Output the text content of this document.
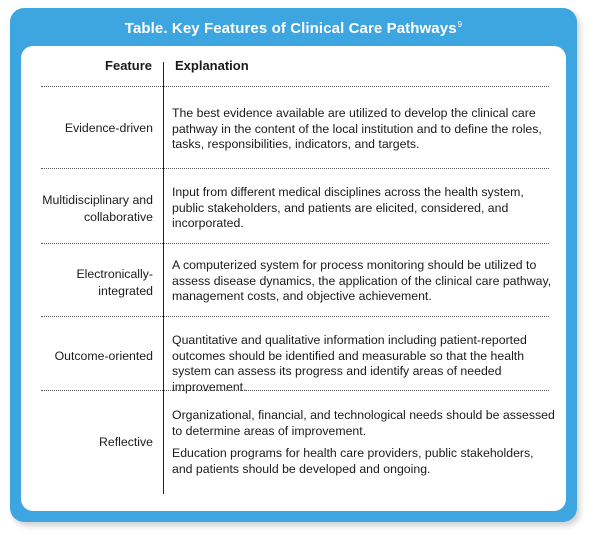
Table. Key Features of Clinical Care Pathways$^9$
Feature Explanation
Evidence-driven

The best evidence available are utilized to develop the clinical care pathway in the content of the local institution and to define the roles, tasks, responsibilities, indicators, and targets.

Multidisciplinary and collaborative

Input from different medical disciplines across the health system, public stakeholders, and patients are elicited, considered, and incorporated.

Electronically-integrated

A computerized system for process monitoring should be utilized to assess disease dynamics, the application of the clinical care pathway, management costs, and objective achievement.

Outcome-oriented

Quantitative and qualitative information including patient-reported outcomes should be identified and measurable so that the health system can assess its progress and identify areas of needed improvement.

Reflective

Organizational, financial, and technological needs should be assessed to determine areas of improvement.

Education programs for health care providers, public stakeholders, and patients should be developed and ongoing.
